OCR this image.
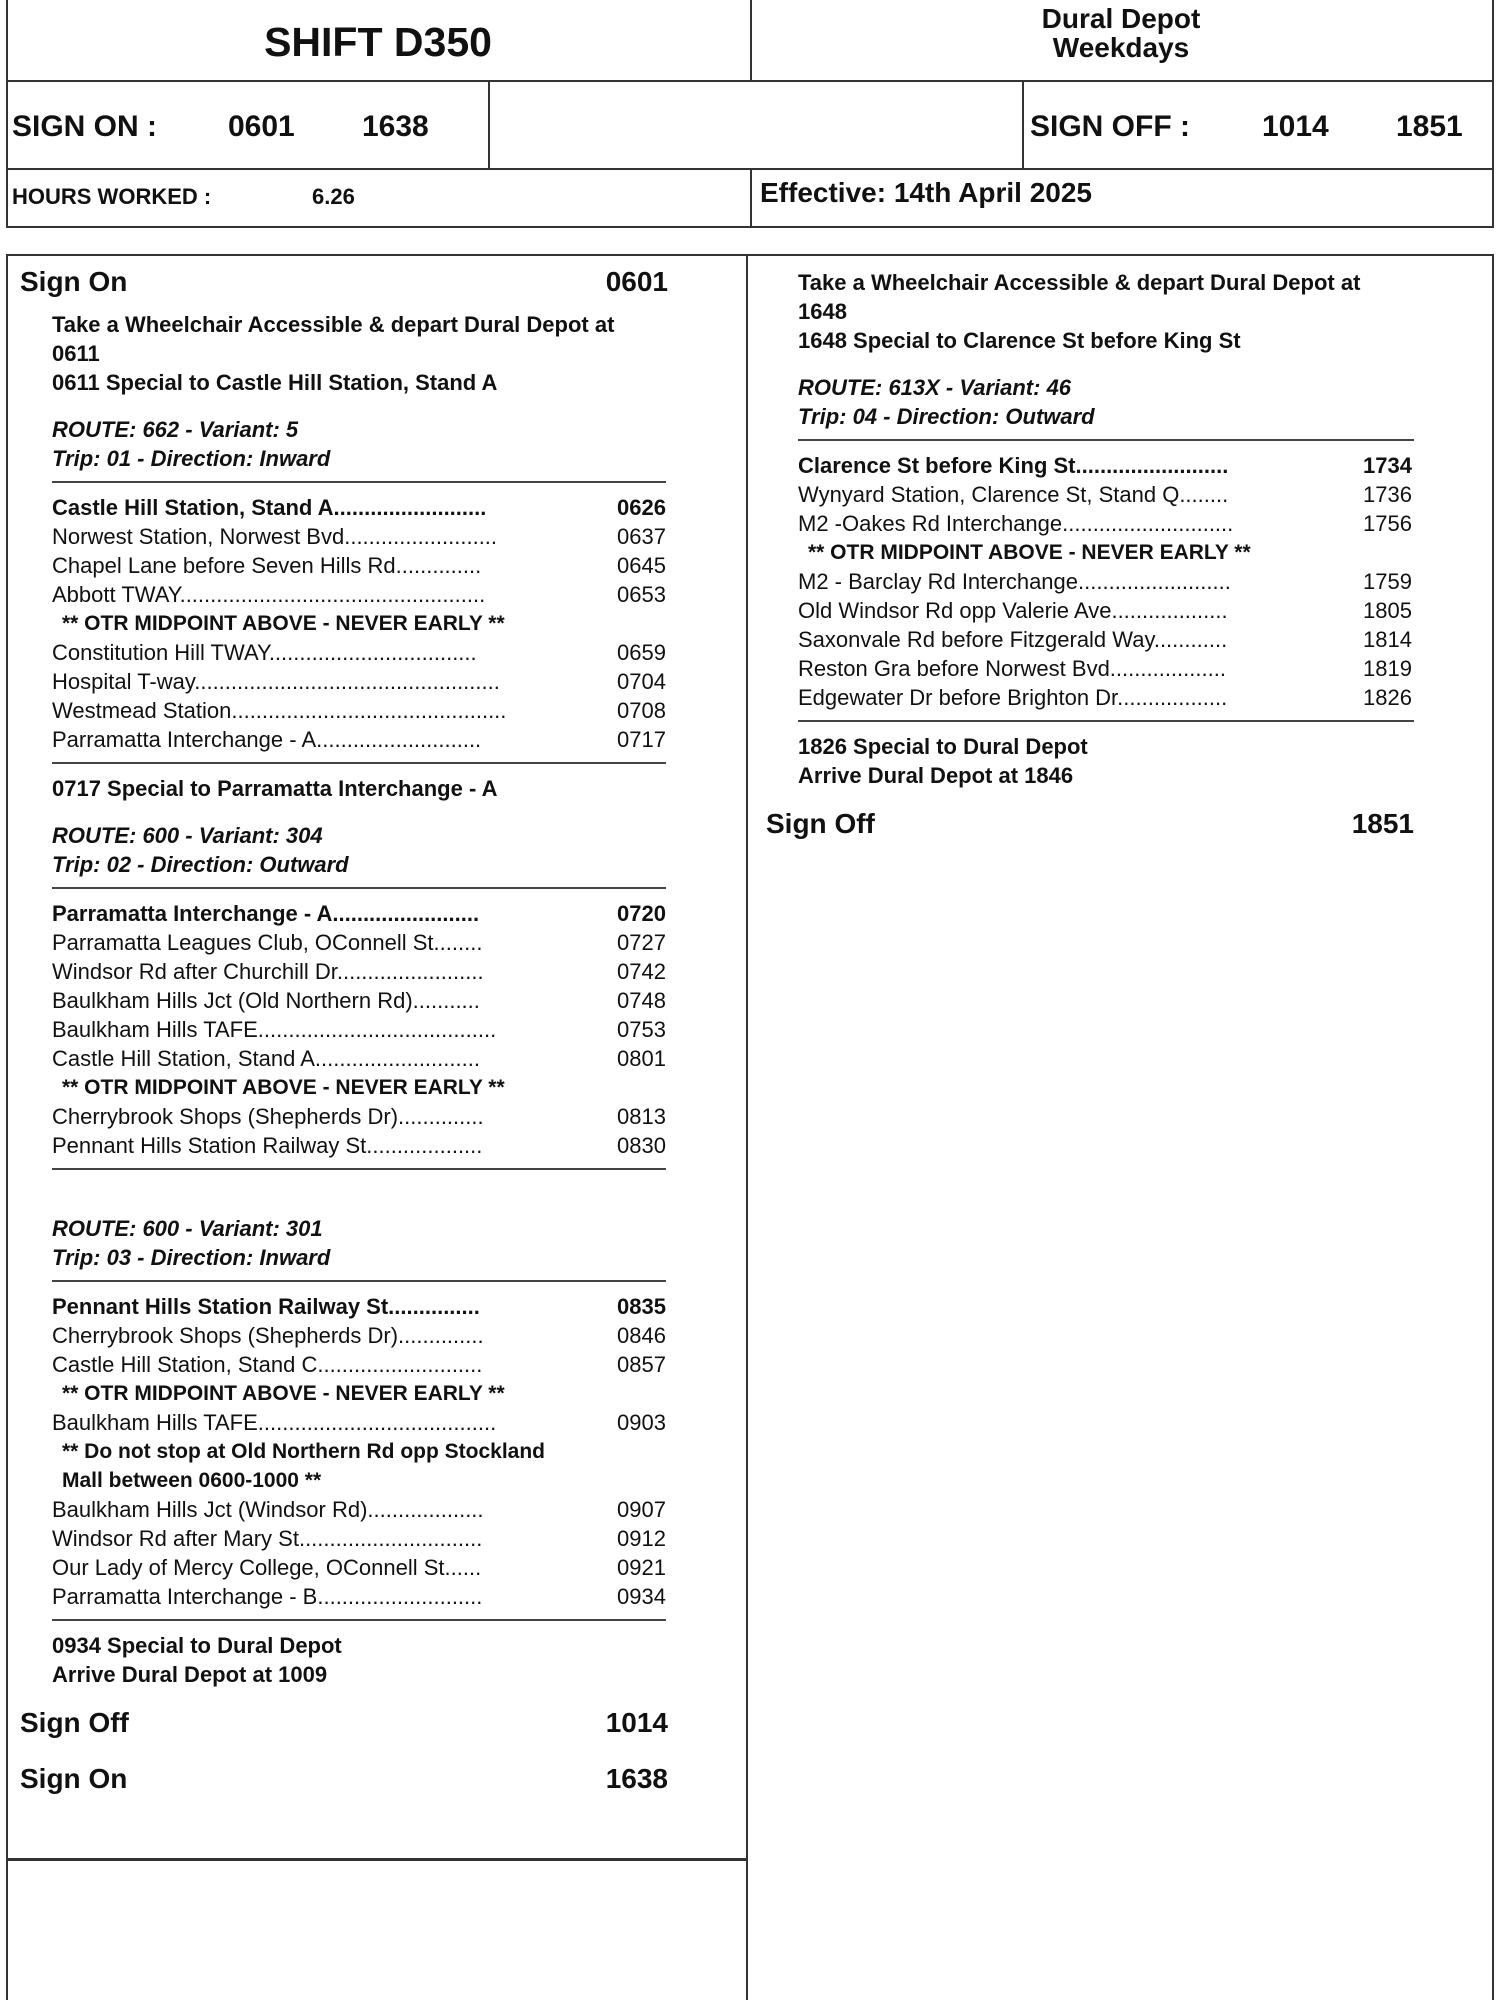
SHIFT D350	Dural Depot
Weekdays
SIGN ON : 0601 1638	SIGN OFF : 1014 1851
HOURS WORKED :	6.26	Effective: 14th April 2025
Sign On	0601
Take a Wheelchair Accessible & depart Dural Depot at
0611
0611 Special to Castle Hill Station, Stand A
ROUTE: 662 - Variant: 5
Trip: 01 - Direction: Inward
Castle Hill Station, Stand A.........................	0626
Norwest Station, Norwest Bvd.........................	0637
Chapel Lane before Seven Hills Rd..............	0645
Abbott TWAY..................................................	0653
** OTR MIDPOINT ABOVE - NEVER EARLY **
Constitution Hill TWAY..................................	0659
Hospital T-way..................................................	0704
Westmead Station.............................................	0708
Parramatta Interchange - A...........................	0717
0717 Special to Parramatta Interchange - A
ROUTE: 600 - Variant: 304
Trip: 02 - Direction: Outward
Parramatta Interchange - A........................	0720
Parramatta Leagues Club, OConnell St........	0727
Windsor Rd after Churchill Dr........................	0742
Baulkham Hills Jct (Old Northern Rd)...........	0748
Baulkham Hills TAFE.......................................	0753
Castle Hill Station, Stand A...........................	0801
** OTR MIDPOINT ABOVE - NEVER EARLY **
Cherrybrook Shops (Shepherds Dr)..............	0813
Pennant Hills Station Railway St...................	0830
ROUTE: 600 - Variant: 301
Trip: 03 - Direction: Inward
Pennant Hills Station Railway St...............	0835
Cherrybrook Shops (Shepherds Dr)..............	0846
Castle Hill Station, Stand C...........................	0857
** OTR MIDPOINT ABOVE - NEVER EARLY **
Baulkham Hills TAFE.......................................	0903
** Do not stop at Old Northern Rd opp Stockland
Mall between 0600-1000 **
Baulkham Hills Jct (Windsor Rd)...................	0907
Windsor Rd after Mary St..............................	0912
Our Lady of Mercy College, OConnell St......	0921
Parramatta Interchange - B...........................	0934
0934 Special to Dural Depot
Arrive Dural Depot at 1009
Sign Off	1014
Sign On	1638
Take a Wheelchair Accessible & depart Dural Depot at
1648
1648 Special to Clarence St before King St
ROUTE: 613X - Variant: 46
Trip: 04 - Direction: Outward
Clarence St before King St.........................	1734
Wynyard Station, Clarence St, Stand Q........	1736
M2 -Oakes Rd Interchange............................	1756
** OTR MIDPOINT ABOVE - NEVER EARLY **
M2 - Barclay Rd Interchange.........................	1759
Old Windsor Rd opp Valerie Ave...................	1805
Saxonvale Rd before Fitzgerald Way............	1814
Reston Gra before Norwest Bvd...................	1819
Edgewater Dr before Brighton Dr..................	1826
1826 Special to Dural Depot
Arrive Dural Depot at 1846
Sign Off	1851
